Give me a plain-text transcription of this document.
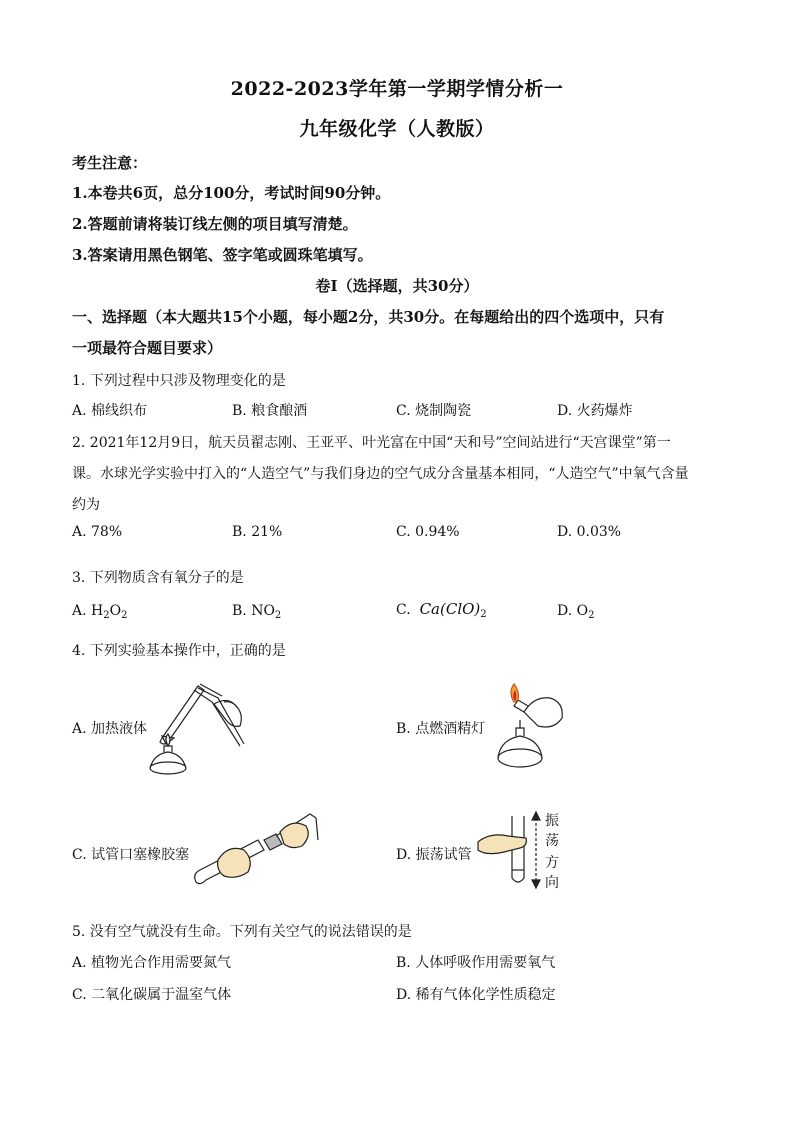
2022-2023学年第一学期学情分析一
九年级化学（人教版）
考生注意：
1.本卷共6页，总分100分，考试时间90分钟。
2.答题前请将装订线左侧的项目填写清楚。
3.答案请用黑色钢笔、签字笔或圆珠笔填写。
卷I（选择题，共30分）
一、选择题（本大题共15个小题，每小题2分，共30分。在每题给出的四个选项中，只有
一项最符合题目要求）
1. 下列过程中只涉及物理变化的是
A. 棉线织布	B. 粮食酿酒	C. 烧制陶瓷	D. 火药爆炸
2. 2021年12月9日，航天员翟志刚、王亚平、叶光富在中国“天和号”空间站进行“天宫课堂”第一
课。水球光学实验中打入的“人造空气”与我们身边的空气成分含量基本相同，“人造空气”中氧气含量
约为
A. 78%	B. 21%	C. 0.94%	D. 0.03%
3. 下列物质含有氧分子的是
A. $H_2O_2$	B. $NO_2$	C. $Ca(ClO)_2$	D. $O_2$
4. 下列实验基本操作中，正确的是
A. 加热液体	B. 点燃酒精灯
C. 试管口塞橡胶塞	D. 振荡试管
振
荡
方
向
5. 没有空气就没有生命。下列有关空气的说法错误的是
A. 植物光合作用需要氮气	B. 人体呼吸作用需要氧气
C. 二氧化碳属于温室气体	D. 稀有气体化学性质稳定
